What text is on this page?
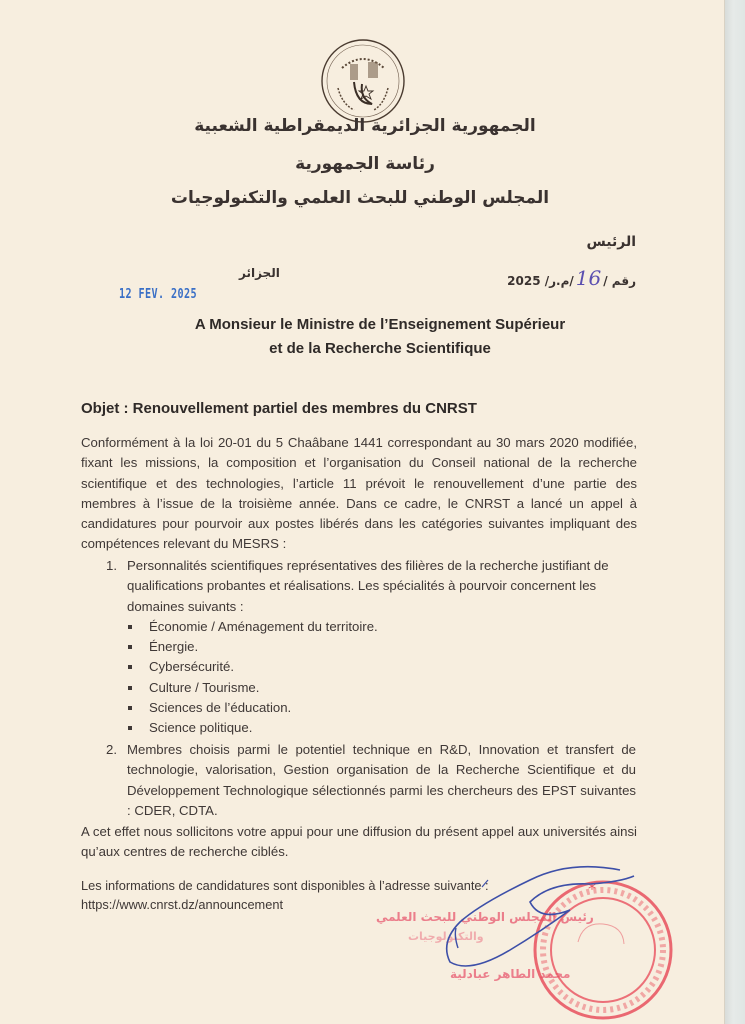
الجمهورية الجزائرية الديمقراطية الشعبية
رئاسة الجمهورية
المجلس الوطني للبحث العلمي والتكنولوجيات
الرئيس
رقم /16/م.ر/ 2025
الجزائر
12 FEV. 2025
A Monsieur le Ministre de l’Enseignement Supérieur
et de la Recherche Scientifique
Objet : Renouvellement partiel des membres du CNRST
Conformément à la loi 20-01 du 5 Chaâbane 1441 correspondant au 30 mars 2020 modifiée, fixant les missions, la composition et l’organisation du Conseil national de la recherche scientifique et des technologies, l’article 11 prévoit le renouvellement d’une partie des membres à l’issue de la troisième année. Dans ce cadre, le CNRST a lancé un appel à candidatures pour pourvoir aux postes libérés dans les catégories suivantes impliquant des compétences relevant du MESRS :
1. Personnalités scientifiques représentatives des filières de la recherche justifiant de qualifications probantes et réalisations. Les spécialités à pourvoir concernent les domaines suivants :
Économie / Aménagement du territoire.
Énergie.
Cybersécurité.
Culture / Tourisme.
Sciences de l’éducation.
Science politique.
2. Membres choisis parmi le potentiel technique en R&D, Innovation et transfert de technologie, valorisation, Gestion organisation de la Recherche Scientifique et du Développement Technologique sélectionnés parmi les chercheurs des EPST suivantes : CDER, CDTA.
A cet effet nous sollicitons votre appui pour une diffusion du présent appel aux universités ainsi qu’aux centres de recherche ciblés.
Les informations de candidatures sont disponibles à l’adresse suivante :
https://www.cnrst.dz/announcement
رئيس المجلس الوطني للبحث العلمي
والتكنولوجيات
محمد الطاهر عبادلية
*
